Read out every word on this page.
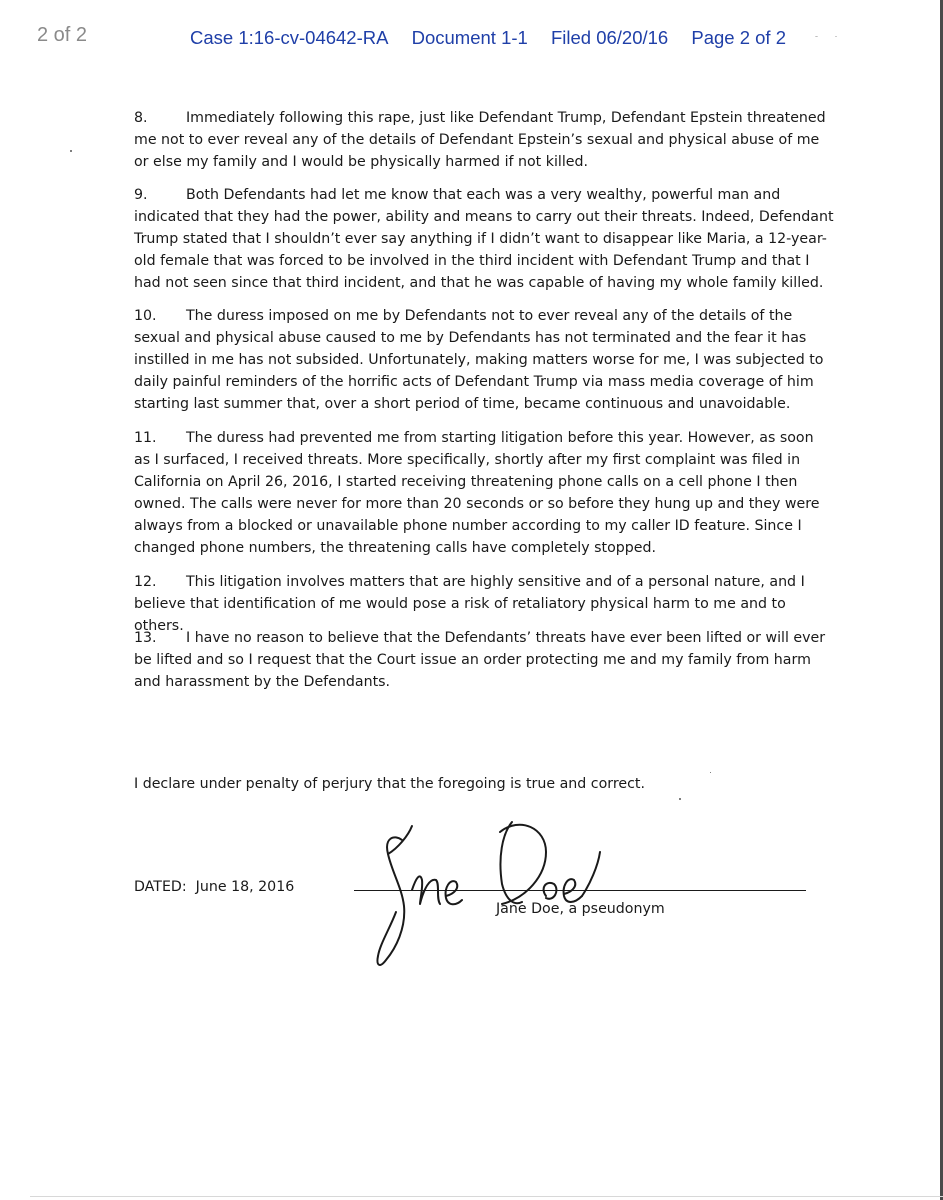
2 of 2	Case 1:16-cv-04642-RA Document 1-1 Filed 06/20/16 Page 2 of 2
8.	Immediately following this rape, just like Defendant Trump, Defendant Epstein threatened me not to ever reveal any of the details of Defendant Epstein’s sexual and physical abuse of me or else my family and I would be physically harmed if not killed.
9.	Both Defendants had let me know that each was a very wealthy, powerful man and indicated that they had the power, ability and means to carry out their threats. Indeed, Defendant Trump stated that I shouldn’t ever say anything if I didn’t want to disappear like Maria, a 12-year-old female that was forced to be involved in the third incident with Defendant Trump and that I had not seen since that third incident, and that he was capable of having my whole family killed.
10. The duress imposed on me by Defendants not to ever reveal any of the details of the sexual and physical abuse caused to me by Defendants has not terminated and the fear it has instilled in me has not subsided. Unfortunately, making matters worse for me, I was subjected to daily painful reminders of the horrific acts of Defendant Trump via mass media coverage of him starting last summer that, over a short period of time, became continuous and unavoidable.
11. The duress had prevented me from starting litigation before this year. However, as soon as I surfaced, I received threats. More specifically, shortly after my first complaint was filed in California on April 26, 2016, I started receiving threatening phone calls on a cell phone I then owned. The calls were never for more than 20 seconds or so before they hung up and they were always from a blocked or unavailable phone number according to my caller ID feature. Since I changed phone numbers, the threatening calls have completely stopped.
12. This litigation involves matters that are highly sensitive and of a personal nature, and I believe that identification of me would pose a risk of retaliatory physical harm to me and to others.
13. I have no reason to believe that the Defendants’ threats have ever been lifted or will ever be lifted and so I request that the Court issue an order protecting me and my family from harm and harassment by the Defendants.
I declare under penalty of perjury that the foregoing is true and correct.
DATED: June 18, 2016
Jane Doe, a pseudonym
